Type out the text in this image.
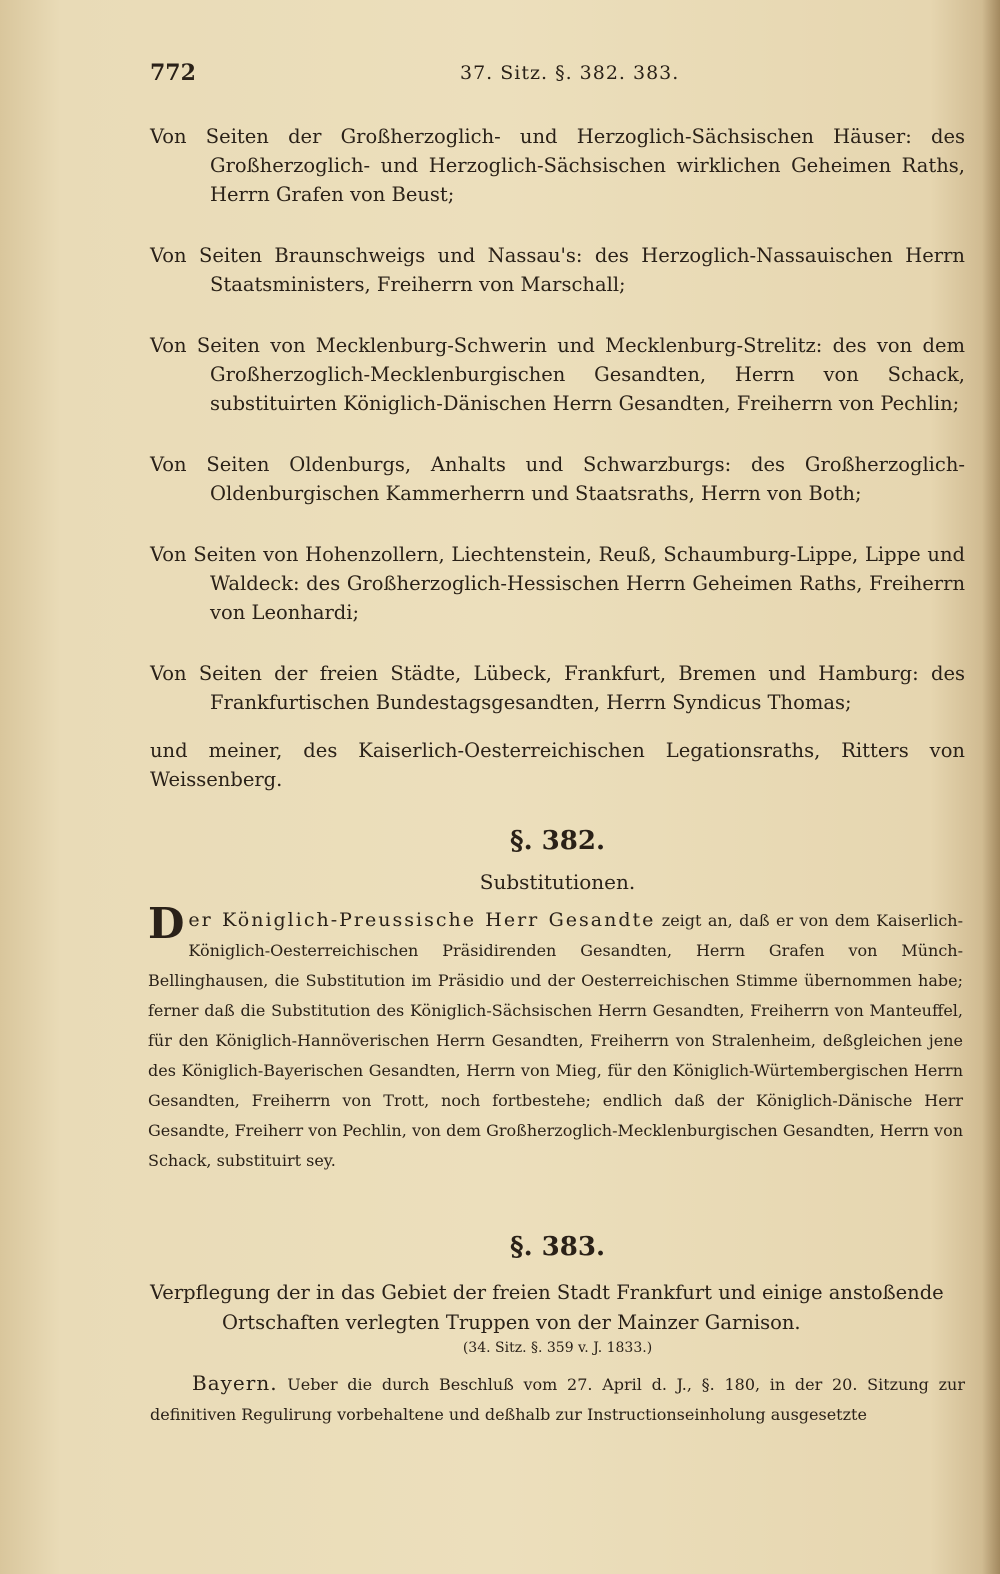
772	37. Sitz. §. 382. 383.

Von Seiten der Großherzoglich- und Herzoglich-Sächsischen Häuser: des Großherzoglich- und Herzoglich-Sächsischen wirklichen Geheimen Raths, Herrn Grafen von Beust;

Von Seiten Braunschweigs und Nassau's: des Herzoglich-Nassauischen Herrn Staatsministers, Freiherrn von Marschall;

Von Seiten von Mecklenburg-Schwerin und Mecklenburg-Strelitz: des von dem Großherzoglich-Mecklenburgischen Gesandten, Herrn von Schack, substituirten Königlich-Dänischen Herrn Gesandten, Freiherrn von Pechlin;

Von Seiten Oldenburgs, Anhalts und Schwarzburgs: des Großherzoglich-Oldenburgischen Kammerherrn und Staatsraths, Herrn von Both;

Von Seiten von Hohenzollern, Liechtenstein, Reuß, Schaumburg-Lippe, Lippe und Waldeck: des Großherzoglich-Hessischen Herrn Geheimen Raths, Freiherrn von Leonhardi;

Von Seiten der freien Städte, Lübeck, Frankfurt, Bremen und Hamburg: des Frankfurtischen Bundestagsgesandten, Herrn Syndicus Thomas;

und meiner, des Kaiserlich-Oesterreichischen Legationsraths, Ritters von Weissenberg.

§. 382.
Substitutionen.
Der Königlich-Preussische Herr Gesandte zeigt an, daß er von dem Kaiserlich-Königlich-Oesterreichischen Präsidirenden Gesandten, Herrn Grafen von Münch-Bellinghausen, die Substitution im Präsidio und der Oesterreichischen Stimme übernommen habe; ferner daß die Substitution des Königlich-Sächsischen Herrn Gesandten, Freiherrn von Manteuffel, für den Königlich-Hannöverischen Herrn Gesandten, Freiherrn von Stralenheim, deßgleichen jene des Königlich-Bayerischen Gesandten, Herrn von Mieg, für den Königlich-Würtembergischen Herrn Gesandten, Freiherrn von Trott, noch fortbestehe; endlich daß der Königlich-Dänische Herr Gesandte, Freiherr von Pechlin, von dem Großherzoglich-Mecklenburgischen Gesandten, Herrn von Schack, substituirt sey.
§. 383.
Verpflegung der in das Gebiet der freien Stadt Frankfurt und einige anstoßende Ortschaften verlegten Truppen von der Mainzer Garnison.
(34. Sitz. §. 359 v. J. 1833.)
Bayern. Ueber die durch Beschluß vom 27. April d. J., §. 180, in der 20. Sitzung zur definitiven Regulirung vorbehaltene und deßhalb zur Instructionseinholung ausgesetzte
